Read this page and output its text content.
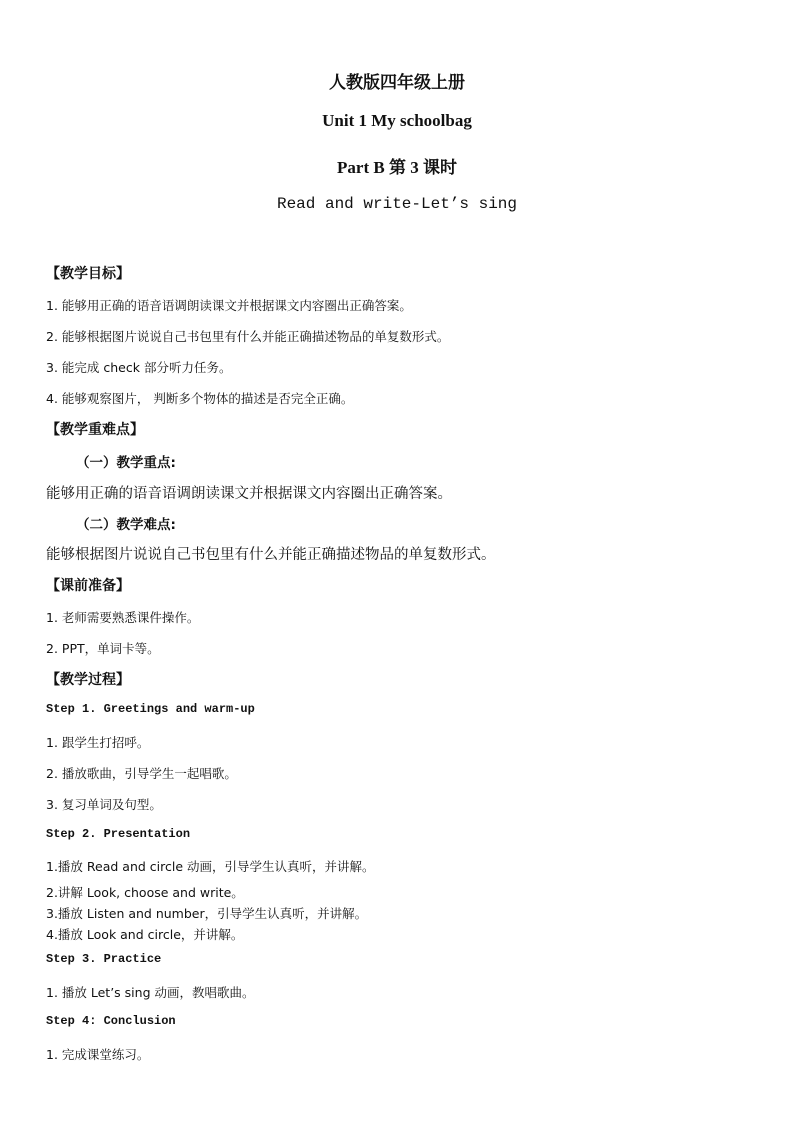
人教版四年级上册
Unit 1 My schoolbag
Part B 第 3 课时
Read and write-Let’s sing
【教学目标】
1. 能够用正确的语音语调朗读课文并根据课文内容圈出正确答案。
2. 能够根据图片说说自己书包里有什么并能正确描述物品的单复数形式。
3. 能完成 check 部分听力任务。
4. 能够观察图片， 判断多个物体的描述是否完全正确。
【教学重难点】
（一）教学重点:
能够用正确的语音语调朗读课文并根据课文内容圈出正确答案。
（二）教学难点:
能够根据图片说说自己书包里有什么并能正确描述物品的单复数形式。
【课前准备】
1. 老师需要熟悉课件操作。
2. PPT，单词卡等。
【教学过程】
Step 1. Greetings and warm-up
1. 跟学生打招呼。
2. 播放歌曲，引导学生一起唱歌。
3. 复习单词及句型。
Step 2. Presentation
1.播放 Read and circle 动画，引导学生认真听，并讲解。
2.讲解 Look, choose and write。
3.播放 Listen and number，引导学生认真听，并讲解。
4.播放 Look and circle，并讲解。
Step 3. Practice
1. 播放 Let’s sing 动画，教唱歌曲。
Step 4: Conclusion
1. 完成课堂练习。
